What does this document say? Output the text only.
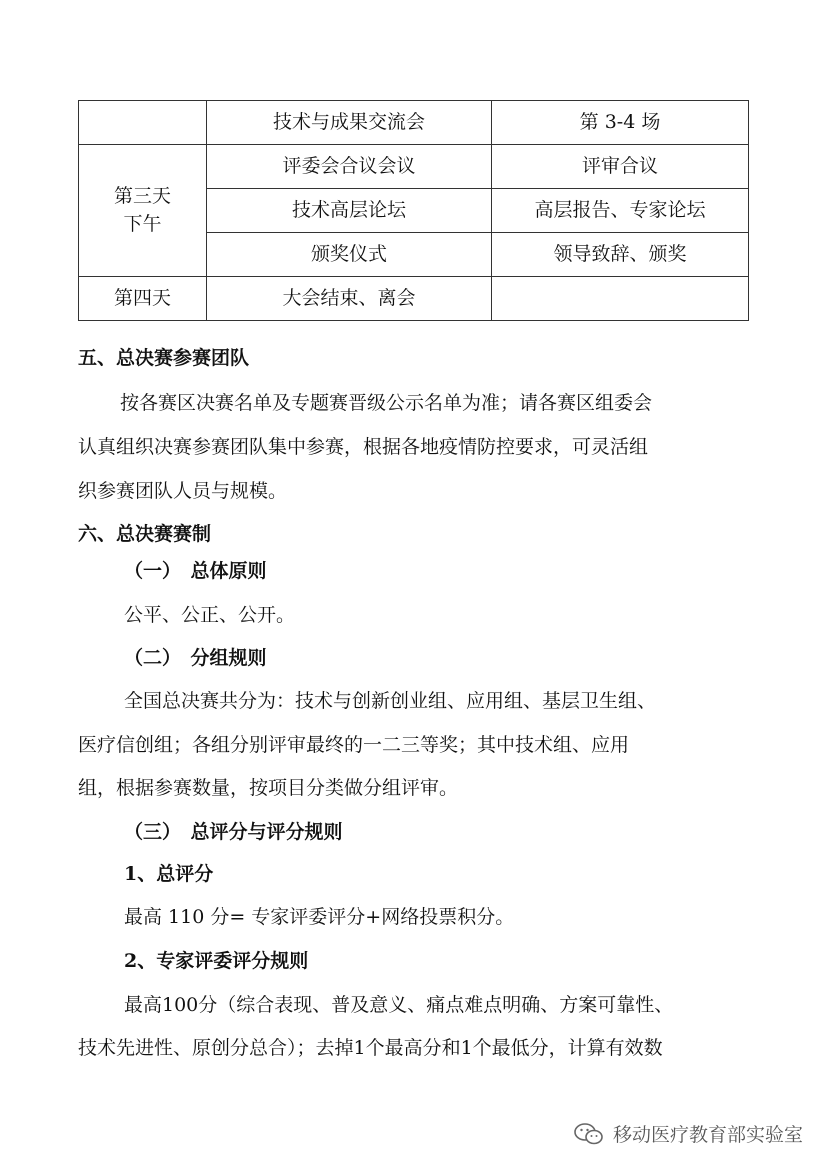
	技术与成果交流会	第 3-4 场

第三天
下午	评委会合议会议	评审合议
	技术高层论坛	高层报告、专家论坛
	颁奖仪式	领导致辞、颁奖
第四天	大会结束、离会	
五、总决赛参赛团队
按各赛区决赛名单及专题赛晋级公示名单为准；请各赛区组委会
认真组织决赛参赛团队集中参赛，根据各地疫情防控要求，可灵活组
织参赛团队人员与规模。
六、总决赛赛制
（一）　总体原则
公平、公正、公开。
（二）　分组规则
全国总决赛共分为：技术与创新创业组、应用组、基层卫生组、
医疗信创组；各组分别评审最终的一二三等奖；其中技术组、应用
组，根据参赛数量，按项目分类做分组评审。
（三）　总评分与评分规则
1、总评分
最高 110 分= 专家评委评分+网络投票积分。
2、专家评委评分规则
最高100分（综合表现、普及意义、痛点难点明确、方案可靠性、
技术先进性、原创分总合）；去掉1个最高分和1个最低分，计算有效数
移动医疗教育部实验室
